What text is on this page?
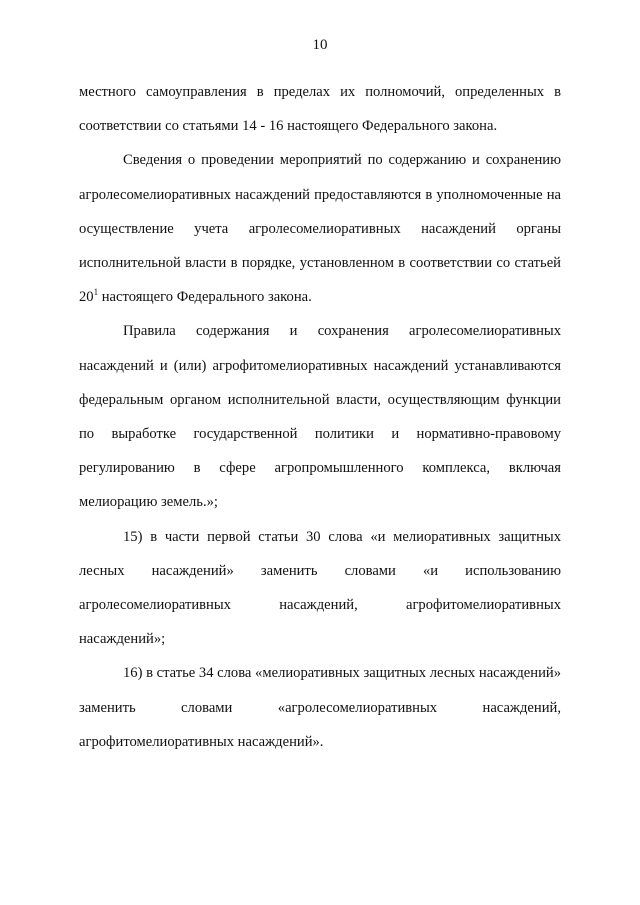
10

местного самоуправления в пределах их полномочий, определенных в соответствии со статьями 14 - 16 настоящего Федерального закона.

Сведения о проведении мероприятий по содержанию и сохранению агролесомелиоративных насаждений предоставляются в уполномоченные на осуществление учета агролесомелиоративных насаждений органы исполнительной власти в порядке, установленном в соответствии со статьей $20^1$ настоящего Федерального закона.

Правила содержания и сохранения агролесомелиоративных насаждений и (или) агрофитомелиоративных насаждений устанавливаются федеральным органом исполнительной власти, осуществляющим функции по выработке государственной политики и нормативно-правовому регулированию в сфере агропромышленного комплекса, включая мелиорацию земель.»;

15) в части первой статьи 30 слова «и мелиоративных защитных лесных насаждений» заменить словами «и использованию агролесомелиоративных насаждений, агрофитомелиоративных насаждений»;

16) в статье 34 слова «мелиоративных защитных лесных насаждений» заменить словами «агролесомелиоративных насаждений, агрофитомелиоративных насаждений».
